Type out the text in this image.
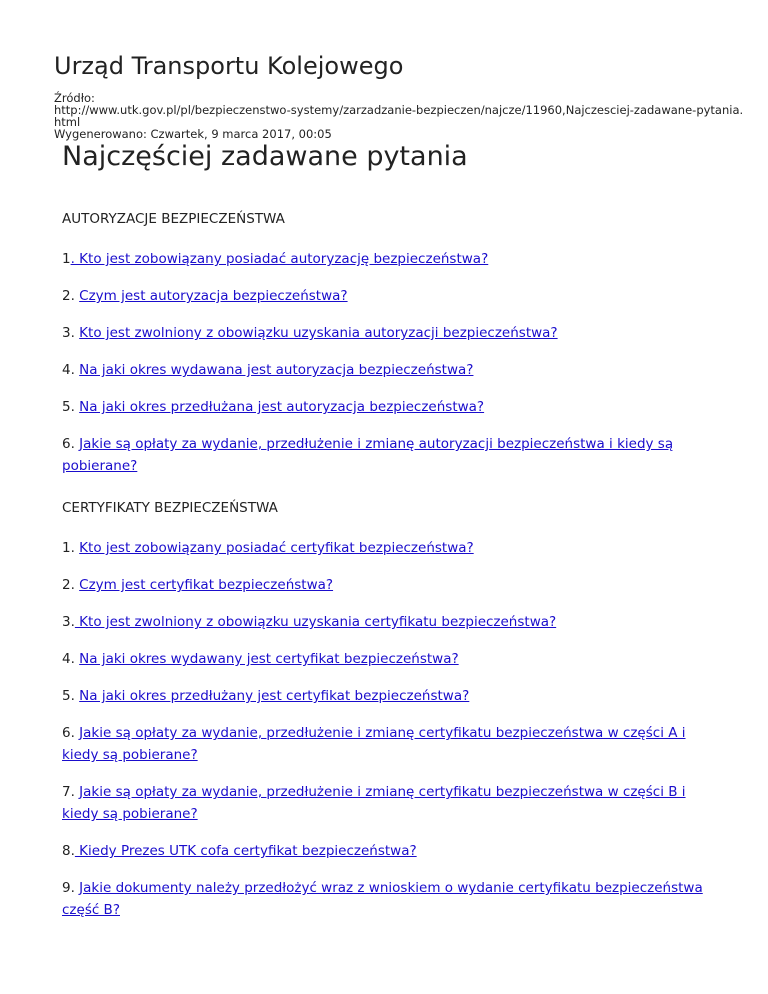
Urząd Transportu Kolejowego
Źródło:
http://www.utk.gov.pl/pl/bezpieczenstwo-systemy/zarzadzanie-bezpieczen/najcze/11960,Najczesciej-zadawane-pytania.html
Wygenerowano: Czwartek, 9 marca 2017, 00:05
Najczęściej zadawane pytania

AUTORYZACJE BEZPIECZEŃSTWA

1. Kto jest zobowiązany posiadać autoryzację bezpieczeństwa?

2. Czym jest autoryzacja bezpieczeństwa?

3. Kto jest zwolniony z obowiązku uzyskania autoryzacji bezpieczeństwa?

4. Na jaki okres wydawana jest autoryzacja bezpieczeństwa?

5. Na jaki okres przedłużana jest autoryzacja bezpieczeństwa?

6. Jakie są opłaty za wydanie, przedłużenie i zmianę autoryzacji bezpieczeństwa i kiedy są pobierane?

CERTYFIKATY BEZPIECZEŃSTWA

1. Kto jest zobowiązany posiadać certyfikat bezpieczeństwa?

2. Czym jest certyfikat bezpieczeństwa?

3. Kto jest zwolniony z obowiązku uzyskania certyfikatu bezpieczeństwa?

4. Na jaki okres wydawany jest certyfikat bezpieczeństwa?

5. Na jaki okres przedłużany jest certyfikat bezpieczeństwa?

6. Jakie są opłaty za wydanie, przedłużenie i zmianę certyfikatu bezpieczeństwa w części A i kiedy są pobierane?

7. Jakie są opłaty za wydanie, przedłużenie i zmianę certyfikatu bezpieczeństwa w części B i kiedy są pobierane?

8. Kiedy Prezes UTK cofa certyfikat bezpieczeństwa?

9. Jakie dokumenty należy przedłożyć wraz z wnioskiem o wydanie certyfikatu bezpieczeństwa część B?
